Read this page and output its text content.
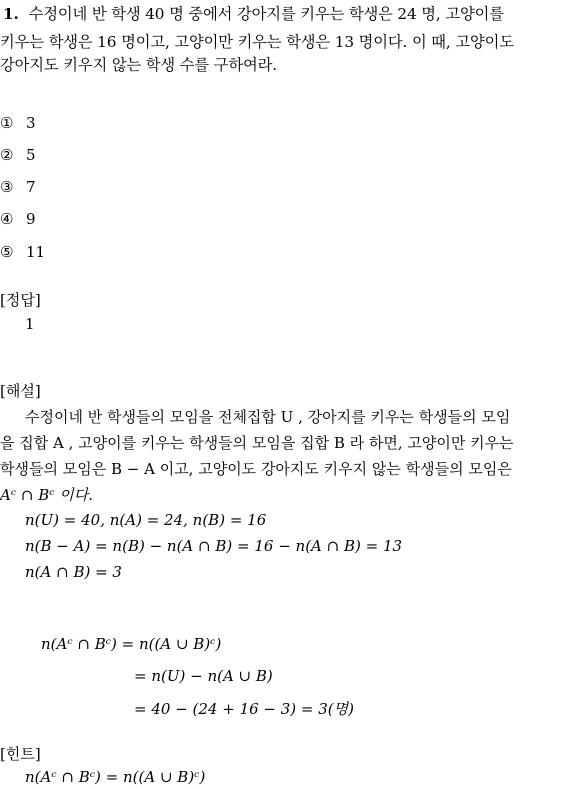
1. 수정이네 반 학생 40 명 중에서 강아지를 키우는 학생은 24 명, 고양이를
키우는 학생은 16 명이고, 고양이만 키우는 학생은 13 명이다. 이 때, 고양이도
강아지도 키우지 않는 학생 수를 구하여라.
① 3
② 5
③ 7
④ 9
⑤ 11
[정답]
1
[해설]
수정이네 반 학생들의 모임을 전체집합 U , 강아지를 키우는 학생들의 모임
을 집합 A , 고양이를 키우는 학생들의 모임을 집합 B 라 하면, 고양이만 키우는
학생들의 모임은 B − A 이고, 고양이도 강아지도 키우지 않는 학생들의 모임은
Aᶜ ∩ Bᶜ 이다.
n(U) = 40, n(A) = 24, n(B) = 16
n(B − A) = n(B) − n(A ∩ B) = 16 − n(A ∩ B) = 13
n(A ∩ B) = 3
n(Aᶜ ∩ Bᶜ) = n((A ∪ B)ᶜ)
= n(U) − n(A ∪ B)
= 40 − (24 + 16 − 3) = 3(명)
[힌트]
n(Aᶜ ∩ Bᶜ) = n((A ∪ B)ᶜ)
